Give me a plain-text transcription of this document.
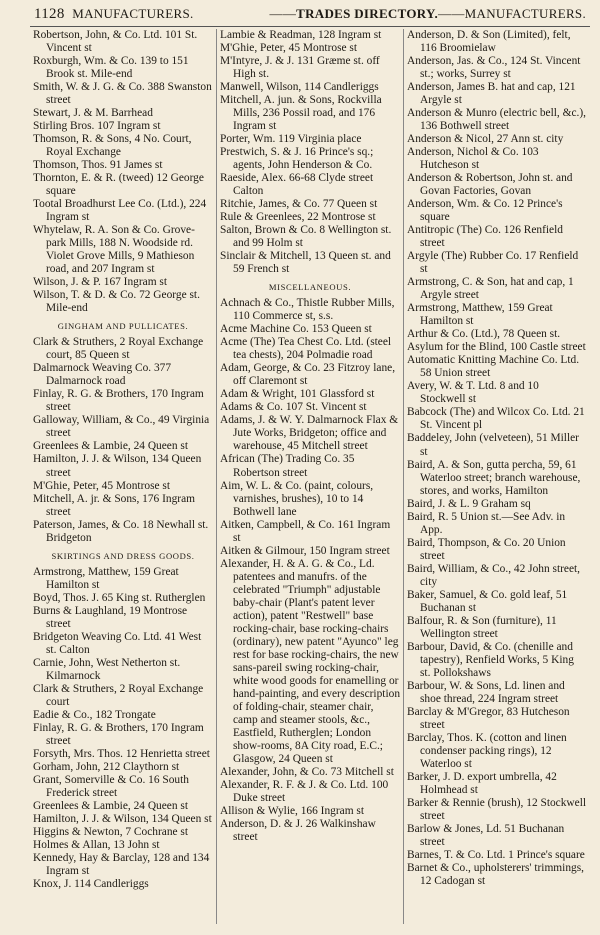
1128 MANUFACTURERS.	——TRADES DIRECTORY.——MANUFACTURERS.
Robertson, John, & Co. Ltd. 101 St. Vincent st
Roxburgh, Wm. & Co. 139 to 151 Brook st. Mile-end
Smith, W. & J. G. & Co. 388 Swanston street
Stewart, J. & M. Barrhead
Stirling Bros. 107 Ingram st
Thomson, R. & Sons, 4 No. Court, Royal Exchange
Thomson, Thos. 91 James st
Thornton, E. & R. (tweed) 12 George square
Tootal Broadhurst Lee Co. (Ltd.), 224 Ingram st
Whytelaw, R. A. Son & Co. Grove-park Mills, 188 N. Woodside rd. Violet Grove Mills, 9 Mathieson road, and 207 Ingram st
Wilson, J. & P. 167 Ingram st
Wilson, T. & D. & Co. 72 George st. Mile-end
GINGHAM AND PULLICATES.
Clark & Struthers, 2 Royal Exchange court, 85 Queen st
Dalmarnock Weaving Co. 377 Dalmarnock road
Finlay, R. G. & Brothers, 170 Ingram street
Galloway, William, & Co., 49 Virginia street
Greenlees & Lambie, 24 Queen st
Hamilton, J. J. & Wilson, 134 Queen street
M'Ghie, Peter, 45 Montrose st
Mitchell, A. jr. & Sons, 176 Ingram street
Paterson, James, & Co. 18 Newhall st. Bridgeton
SKIRTINGS AND DRESS GOODS.
Armstrong, Matthew, 159 Great Hamilton st
Boyd, Thos. J. 65 King st. Rutherglen
Burns & Laughland, 19 Montrose street
Bridgeton Weaving Co. Ltd. 41 West st. Calton
Carnie, John, West Netherton st. Kilmarnock
Clark & Struthers, 2 Royal Exchange court
Eadie & Co., 182 Trongate
Finlay, R. G. & Brothers, 170 Ingram street
Forsyth, Mrs. Thos. 12 Henrietta street
Gorham, John, 212 Claythorn st
Grant, Somerville & Co. 16 South Frederick street
Greenlees & Lambie, 24 Queen st
Hamilton, J. J. & Wilson, 134 Queen st
Higgins & Newton, 7 Cochrane st
Holmes & Allan, 13 John st
Kennedy, Hay & Barclay, 128 and 134 Ingram st
Knox, J. 114 Candleriggs
Lambie & Readman, 128 Ingram st
M'Ghie, Peter, 45 Montrose st
M'Intyre, J. & J. 131 Græme st. off High st.
Manwell, Wilson, 114 Candleriggs
Mitchell, A. jun. & Sons, Rockvilla Mills, 236 Possil road, and 176 Ingram st
Porter, Wm. 119 Virginia place
Prestwich, S. & J. 16 Prince's sq.; agents, John Henderson & Co.
Raeside, Alex. 66-68 Clyde street Calton
Ritchie, James, & Co. 77 Queen st
Rule & Greenlees, 22 Montrose st
Salton, Brown & Co. 8 Wellington st. and 99 Holm st
Sinclair & Mitchell, 13 Queen st. and 59 French st
MISCELLANEOUS.
Achnach & Co., Thistle Rubber Mills, 110 Commerce st, s.s.
Acme Machine Co. 153 Queen st
Acme (The) Tea Chest Co. Ltd. (steel tea chests), 204 Polmadie road
Adam, George, & Co. 23 Fitzroy lane, off Claremont st
Adam & Wright, 101 Glassford st
Adams & Co. 107 St. Vincent st
Adams, J. & W. Y. Dalmarnock Flax & Jute Works, Bridgeton; office and warehouse, 45 Mitchell street
African (The) Trading Co. 35 Robertson street
Aim, W. L. & Co. (paint, colours, varnishes, brushes), 10 to 14 Bothwell lane
Aitken, Campbell, & Co. 161 Ingram st
Aitken & Gilmour, 150 Ingram street
Alexander, H. & A. G. & Co., Ld. patentees and manufrs. of the celebrated "Triumph" adjustable baby-chair (Plant's patent lever action), patent "Restwell" base rocking-chair, base rocking-chairs (ordinary), new patent "Ayunco" leg rest for base rocking-chairs, the new sans-pareil swing rocking-chair, white wood goods for enamelling or hand-painting, and every description of folding-chair, steamer chair, camp and steamer stools, &c., Eastfield, Rutherglen; London show-rooms, 8A City road, E.C.; Glasgow, 24 Queen st
Alexander, John, & Co. 73 Mitchell st
Alexander, R. F. & J. & Co. Ltd. 100 Duke street
Allison & Wylie, 166 Ingram st
Anderson, D. & J. 26 Walkinshaw street
Anderson, D. & Son (Limited), felt, 116 Broomielaw
Anderson, Jas. & Co., 124 St. Vincent st.; works, Surrey st
Anderson, James B. hat and cap, 121 Argyle st
Anderson & Munro (electric bell, &c.), 136 Bothwell street
Anderson & Nicol, 27 Ann st. city
Anderson, Nichol & Co. 103 Hutcheson st
Anderson & Robertson, John st. and Govan Factories, Govan
Anderson, Wm. & Co. 12 Prince's square
Antitropic (The) Co. 126 Renfield street
Argyle (The) Rubber Co. 17 Renfield st
Armstrong, C. & Son, hat and cap, 1 Argyle street
Armstrong, Matthew, 159 Great Hamilton st
Arthur & Co. (Ltd.), 78 Queen st.
Asylum for the Blind, 100 Castle street
Automatic Knitting Machine Co. Ltd. 58 Union street
Avery, W. & T. Ltd. 8 and 10 Stockwell st
Babcock (The) and Wilcox Co. Ltd. 21 St. Vincent pl
Baddeley, John (velveteen), 51 Miller st
Baird, A. & Son, gutta percha, 59, 61 Waterloo street; branch warehouse, stores, and works, Hamilton
Baird, J. & L. 9 Graham sq
Baird, R. 5 Union st.—See Adv. in App.
Baird, Thompson, & Co. 20 Union street
Baird, William, & Co., 42 John street, city
Baker, Samuel, & Co. gold leaf, 51 Buchanan st
Balfour, R. & Son (furniture), 11 Wellington street
Barbour, David, & Co. (chenille and tapestry), Renfield Works, 5 King st. Pollokshaws
Barbour, W. & Sons, Ld. linen and shoe thread, 224 Ingram street
Barclay & M'Gregor, 83 Hutcheson street
Barclay, Thos. K. (cotton and linen condenser packing rings), 12 Waterloo st
Barker, J. D. export umbrella, 42 Holmhead st
Barker & Rennie (brush), 12 Stockwell street
Barlow & Jones, Ld. 51 Buchanan street
Barnes, T. & Co. Ltd. 1 Prince's square
Barnet & Co., upholsterers' trimmings, 12 Cadogan st
